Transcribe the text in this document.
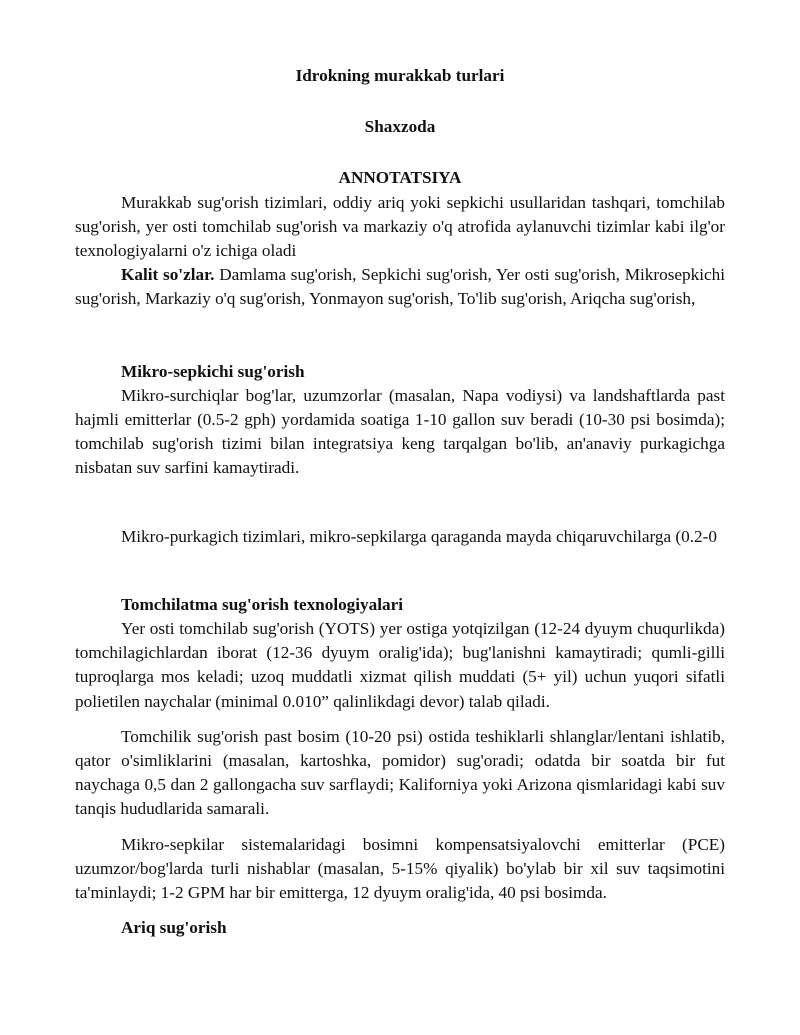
Idrokning murakkab turlari
Shaxzoda
ANNOTATSIYA

Murakkab sug'orish tizimlari, oddiy ariq yoki sepkichi usullaridan tashqari, tomchilab sug'orish, yer osti tomchilab sug'orish va markaziy o'q atrofida aylanuvchi tizimlar kabi ilg'or texnologiyalarni o'z ichiga oladi

Kalit so'zlar. Damlama sug'orish, Sepkichi sug'orish, Yer osti sug'orish, Mikrosepkichi sug'orish, Markaziy o'q sug'orish, Yonmayon sug'orish, To'lib sug'orish, Ariqcha sug'orish,

Mikro-sepkichi sug'orish

Mikro-surchiqlar bog'lar, uzumzorlar (masalan, Napa vodiysi) va landshaftlarda past hajmli emitterlar (0.5-2 gph) yordamida soatiga 1-10 gallon suv beradi (10-30 psi bosimda); tomchilab sug'orish tizimi bilan integratsiya keng tarqalgan bo'lib, an'anaviy purkagichga nisbatan suv sarfini kamaytiradi.

Mikro-purkagich tizimlari, mikro-sepkilarga qaraganda mayda chiqaruvchilarga (0.2-0

Tomchilatma sug'orish texnologiyalari

Yer osti tomchilab sug'orish (YOTS) yer ostiga yotqizilgan (12-24 dyuym chuqurlikda) tomchilagichlardan iborat (12-36 dyuym oralig'ida); bug'lanishni kamaytiradi; qumli-gilli tuproqlarga mos keladi; uzoq muddatli xizmat qilish muddati (5+ yil) uchun yuqori sifatli polietilen naychalar (minimal 0.010” qalinlikdagi devor) talab qiladi.

Tomchilik sug'orish past bosim (10-20 psi) ostida teshiklarli shlanglar/lentani ishlatib, qator o'simliklarini (masalan, kartoshka, pomidor) sug'oradi; odatda bir soatda bir fut naychaga 0,5 dan 2 gallongacha suv sarflaydi; Kaliforniya yoki Arizona qismlaridagi kabi suv tanqis hududlarida samarali.

Mikro-sepkilar sistemalaridagi bosimni kompensatsiyalovchi emitterlar (PCE) uzumzor/bog'larda turli nishablar (masalan, 5-15% qiyalik) bo'ylab bir xil suv taqsimotini ta'minlaydi; 1-2 GPM har bir emitterga, 12 dyuym oralig'ida, 40 psi bosimda.

Ariq sug'orish
